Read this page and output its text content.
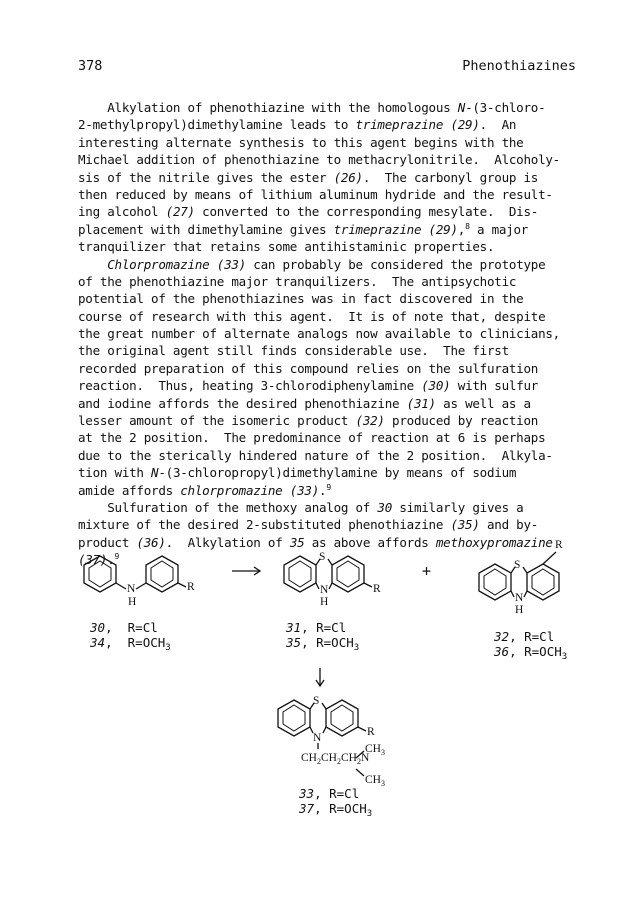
378	Phenothiazines
Alkylation of phenothiazine with the homologous N-(3-chloro-
2-methylpropyl)dimethylamine leads to trimeprazine (29).  An
interesting alternate synthesis to this agent begins with the
Michael addition of phenothiazine to methacrylonitrile.  Alcoholy-
sis of the nitrile gives the ester (26).  The carbonyl group is
then reduced by means of lithium aluminum hydride and the result-
ing alcohol (27) converted to the corresponding mesylate.  Dis-
placement with dimethylamine gives trimeprazine (29),$^8$ a major
tranquilizer that retains some antihistaminic properties.
Chlorpromazine (33) can probably be considered the prototype
of the phenothiazine major tranquilizers.  The antipsychotic
potential of the phenothiazines was in fact discovered in the
course of research with this agent.  It is of note that, despite
the great number of alternate analogs now available to clinicians,
the original agent still finds considerable use.  The first
recorded preparation of this compound relies on the sulfuration
reaction.  Thus, heating 3-chlorodiphenylamine (30) with sulfur
and iodine affords the desired phenothiazine (31) as well as a
lesser amount of the isomeric product (32) produced by reaction
at the 2 position.  The predominance of reaction at 6 is perhaps
due to the sterically hindered nature of the 2 position.  Alkyla-
tion with N-(3-chloropropyl)dimethylamine by means of sodium
amide affords chlorpromazine (33).$^9$
Sulfuration of the methoxy analog of 30 similarly gives a
mixture of the desired 2-substituted phenothiazine (35) and by-
product (36).  Alkylation of 35 as above affords methoxypromazine
(37).$^9$
N
H
R
30,  R=Cl
34,  $R=OCH_3$
S
N
H
R
31, R=Cl
35, $R=OCH_3$
+
R
S
N
H
32, R=Cl
36, $R=OCH_3$
S
N	R
$CH_3$
$CH_2CH_2CH_2N$
$CH_3$
33, R=Cl
37, $R=OCH_3$
